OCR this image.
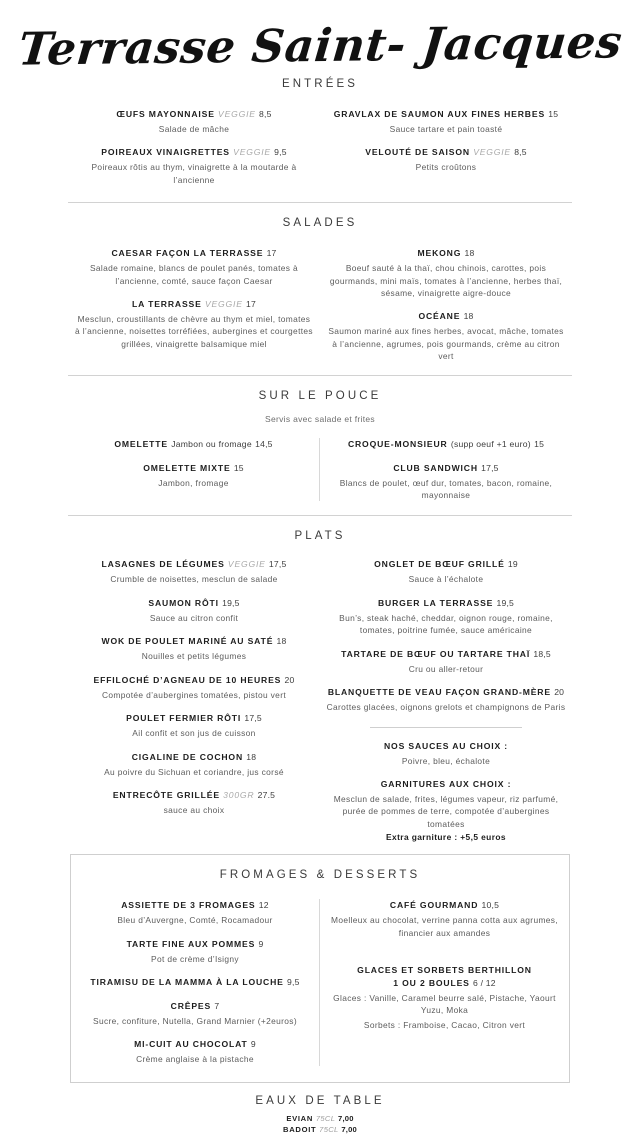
Terrasse Saint- Jacques
ENTRÉES
ŒUFS MAYONNAISE VEGGIE 8,5
Salade de mâche
POIREAUX VINAIGRETTES VEGGIE 9,5
Poireaux rôtis au thym, vinaigrette à la moutarde à l’ancienne
GRAVLAX DE SAUMON AUX FINES HERBES 15
Sauce tartare et pain toasté
VELOUTÉ DE SAISON VEGGIE 8,5
Petits croûtons
SALADES
CAESAR FAÇON LA TERRASSE 17
Salade romaine, blancs de poulet panés, tomates à l’ancienne, comté, sauce façon Caesar
LA TERRASSE VEGGIE 17
Mesclun, croustillants de chèvre au thym et miel, tomates à l’ancienne, noisettes torréfiées, aubergines et courgettes grillées, vinaigrette balsamique miel
MEKONG 18
Boeuf sauté à la thaï, chou chinois, carottes, pois gourmands, mini maïs, tomates à l’ancienne, herbes thaï, sésame, vinaigrette aigre-douce
OCÉANE 18
Saumon mariné aux fines herbes, avocat, mâche, tomates à l’ancienne, agrumes, pois gourmands, crème au citron vert
SUR LE POUCE
Servis avec salade et frites
OMELETTE Jambon ou fromage 14,5
OMELETTE MIXTE 15
Jambon, fromage
CROQUE-MONSIEUR (supp oeuf +1 euro) 15
CLUB SANDWICH 17,5
Blancs de poulet, œuf dur, tomates, bacon, romaine, mayonnaise
PLATS
LASAGNES DE LÉGUMES VEGGIE 17,5
Crumble de noisettes, mesclun de salade
SAUMON RÔTI 19,5
Sauce au citron confit
WOK DE POULET MARINÉ AU SATÉ 18
Nouilles et petits légumes
EFFILOCHÉ D’AGNEAU DE 10 HEURES 20
Compotée d’aubergines tomatées, pistou vert
POULET FERMIER RÔTI 17,5
Ail confit et son jus de cuisson
CIGALINE DE COCHON 18
Au poivre du Sichuan et coriandre, jus corsé
ENTRECÔTE GRILLÉE 300GR 27.5
sauce au choix
ONGLET DE BŒUF GRILLÉ 19
Sauce à l’échalote
BURGER LA TERRASSE 19,5
Bun’s, steak haché, cheddar, oignon rouge, romaine, tomates, poitrine fumée, sauce américaine
TARTARE DE BŒUF OU TARTARE THAÏ 18,5
Cru ou aller-retour
BLANQUETTE DE VEAU FAÇON GRAND-MÈRE 20
Carottes glacées, oignons grelots et champignons de Paris
NOS SAUCES AU CHOIX :
Poivre, bleu, échalote
GARNITURES AUX CHOIX :
Mesclun de salade, frites, légumes vapeur, riz parfumé, purée de pommes de terre, compotée d’aubergines tomatées
Extra garniture : +5,5 euros
FROMAGES & DESSERTS
ASSIETTE DE 3 FROMAGES 12
Bleu d’Auvergne, Comté, Rocamadour
TARTE FINE AUX POMMES 9
Pot de crème d’Isigny
TIRAMISU DE LA MAMMA À LA LOUCHE 9,5
CRÊPES 7
Sucre, confiture, Nutella, Grand Marnier (+2euros)
MI-CUIT AU CHOCOLAT 9
Crème anglaise à la pistache
CAFÉ GOURMAND 10,5
Moelleux au chocolat, verrine panna cotta aux agrumes, financier aux amandes
GLACES ET SORBETS BERTHILLON
1 OU 2 BOULES 6 / 12
Glaces : Vanille, Caramel beurre salé, Pistache, Yaourt Yuzu, Moka
Sorbets : Framboise, Cacao, Citron vert
EAUX DE TABLE
EVIAN 75CL 7,00
BADOIT 75CL 7,00
